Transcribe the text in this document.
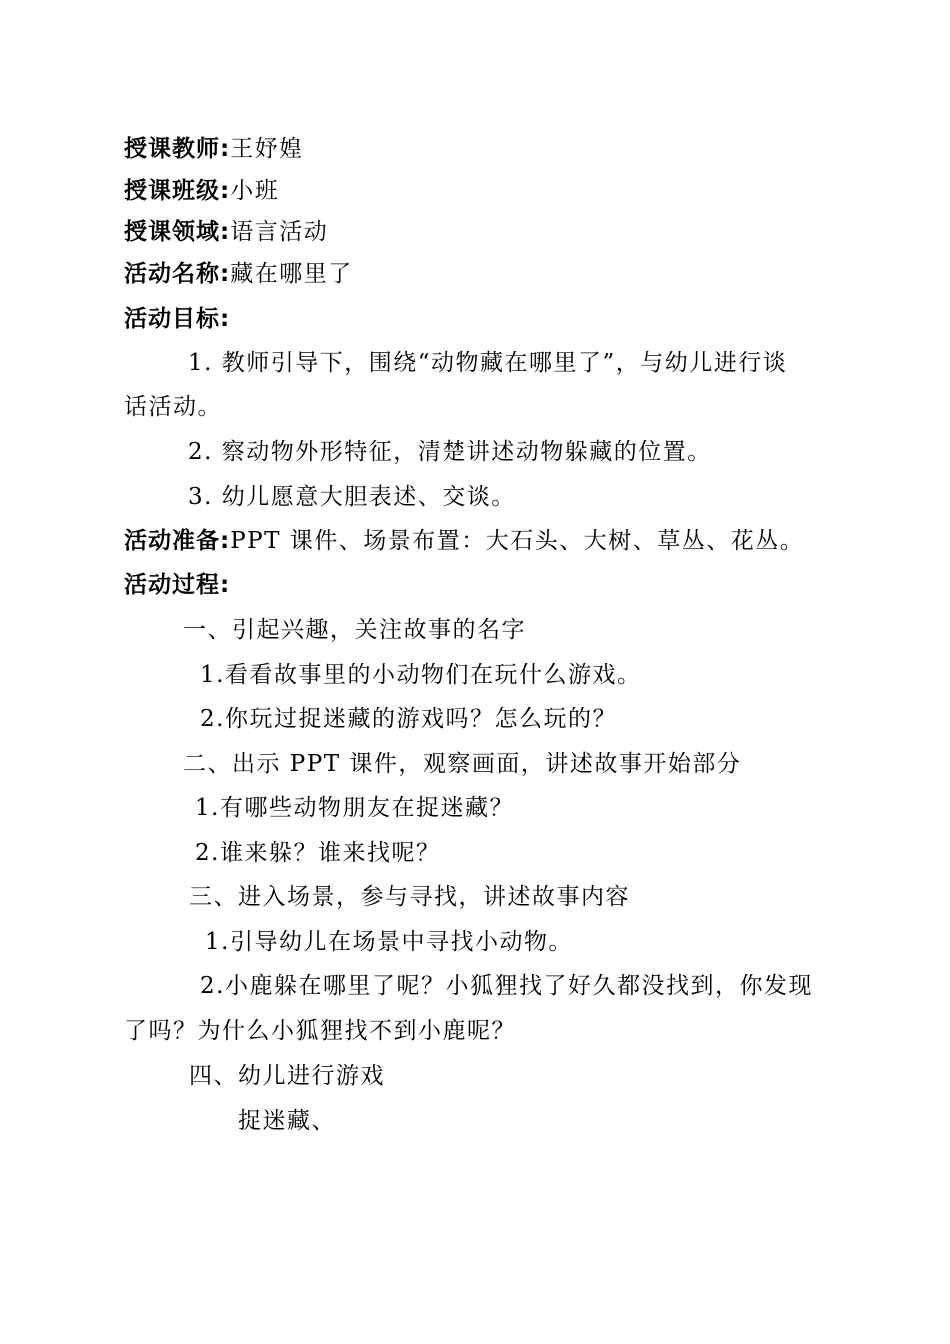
授课教师:王妤媓
授课班级:小班
授课领域:语言活动
活动名称:藏在哪里了
活动目标:
1. 教师引导下，围绕“动物藏在哪里了”，与幼儿进行谈
话活动。
2. 察动物外形特征，清楚讲述动物躲藏的位置。
3. 幼儿愿意大胆表述、交谈。
活动准备:PPT 课件、场景布置：大石头、大树、草丛、花丛。
活动过程:
一、引起兴趣，关注故事的名字
1.看看故事里的小动物们在玩什么游戏。
2.你玩过捉迷藏的游戏吗？怎么玩的？
二、出示 PPT 课件，观察画面，讲述故事开始部分
1.有哪些动物朋友在捉迷藏？
2.谁来躲？谁来找呢？
三、进入场景，参与寻找，讲述故事内容
1.引导幼儿在场景中寻找小动物。
2.小鹿躲在哪里了呢？小狐狸找了好久都没找到，你发现
了吗？为什么小狐狸找不到小鹿呢？
四、幼儿进行游戏
捉迷藏、
